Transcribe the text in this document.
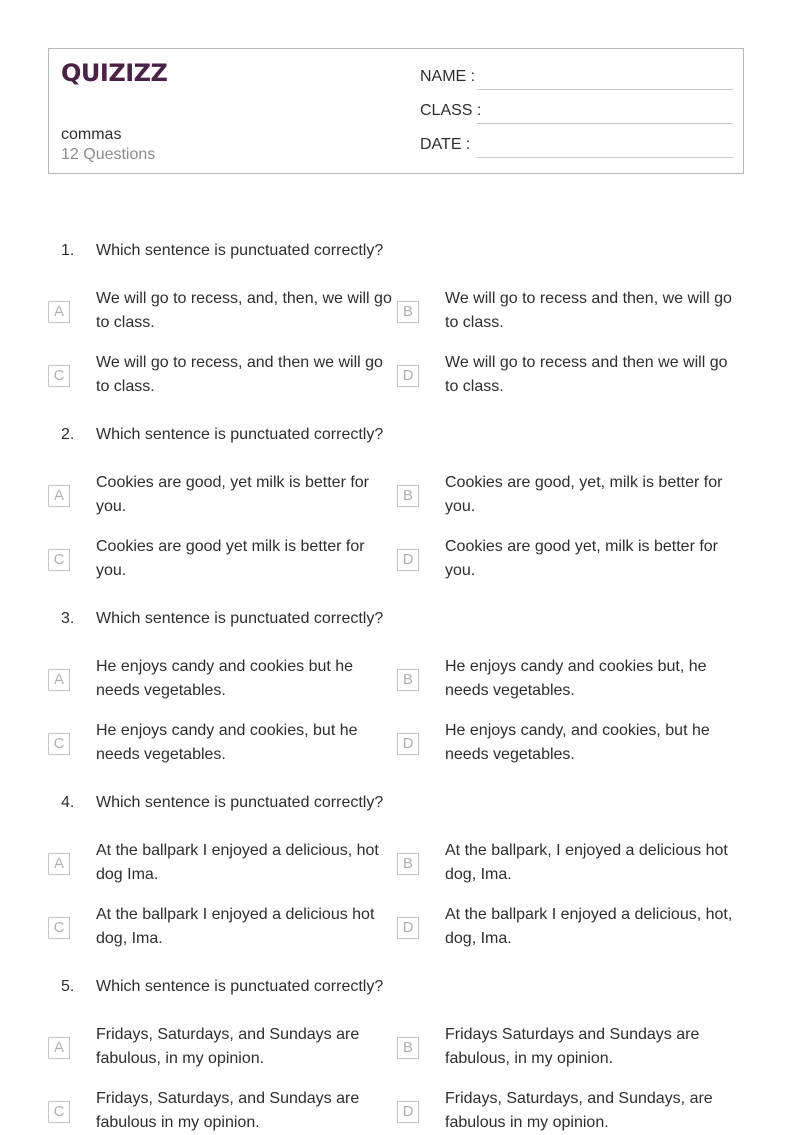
QUIZIZZ
commas
12 Questions
NAME :
CLASS :
DATE :
1. Which sentence is punctuated correctly?
A
We will go to recess, and, then, we will go to class.
B
We will go to recess and then, we will go to class.
C
We will go to recess, and then we will go to class.
D
We will go to recess and then we will go to class.
2. Which sentence is punctuated correctly?
A
Cookies are good, yet milk is better for you.
B
Cookies are good, yet, milk is better for you.
C
Cookies are good yet milk is better for you.
D
Cookies are good yet, milk is better for you.
3. Which sentence is punctuated correctly?
A
He enjoys candy and cookies but he needs vegetables.
B
He enjoys candy and cookies but, he needs vegetables.
C
He enjoys candy and cookies, but he needs vegetables.
D
He enjoys candy, and cookies, but he needs vegetables.
4. Which sentence is punctuated correctly?
A
At the ballpark I enjoyed a delicious, hot dog Ima.
B
At the ballpark, I enjoyed a delicious hot dog, Ima.
C
At the ballpark I enjoyed a delicious hot dog, Ima.
D
At the ballpark I enjoyed a delicious, hot, dog, Ima.
5. Which sentence is punctuated correctly?
A
Fridays, Saturdays, and Sundays are fabulous, in my opinion.
B
Fridays Saturdays and Sundays are fabulous, in my opinion.
C
Fridays, Saturdays, and Sundays are fabulous in my opinion.
D
Fridays, Saturdays, and Sundays, are fabulous in my opinion.
